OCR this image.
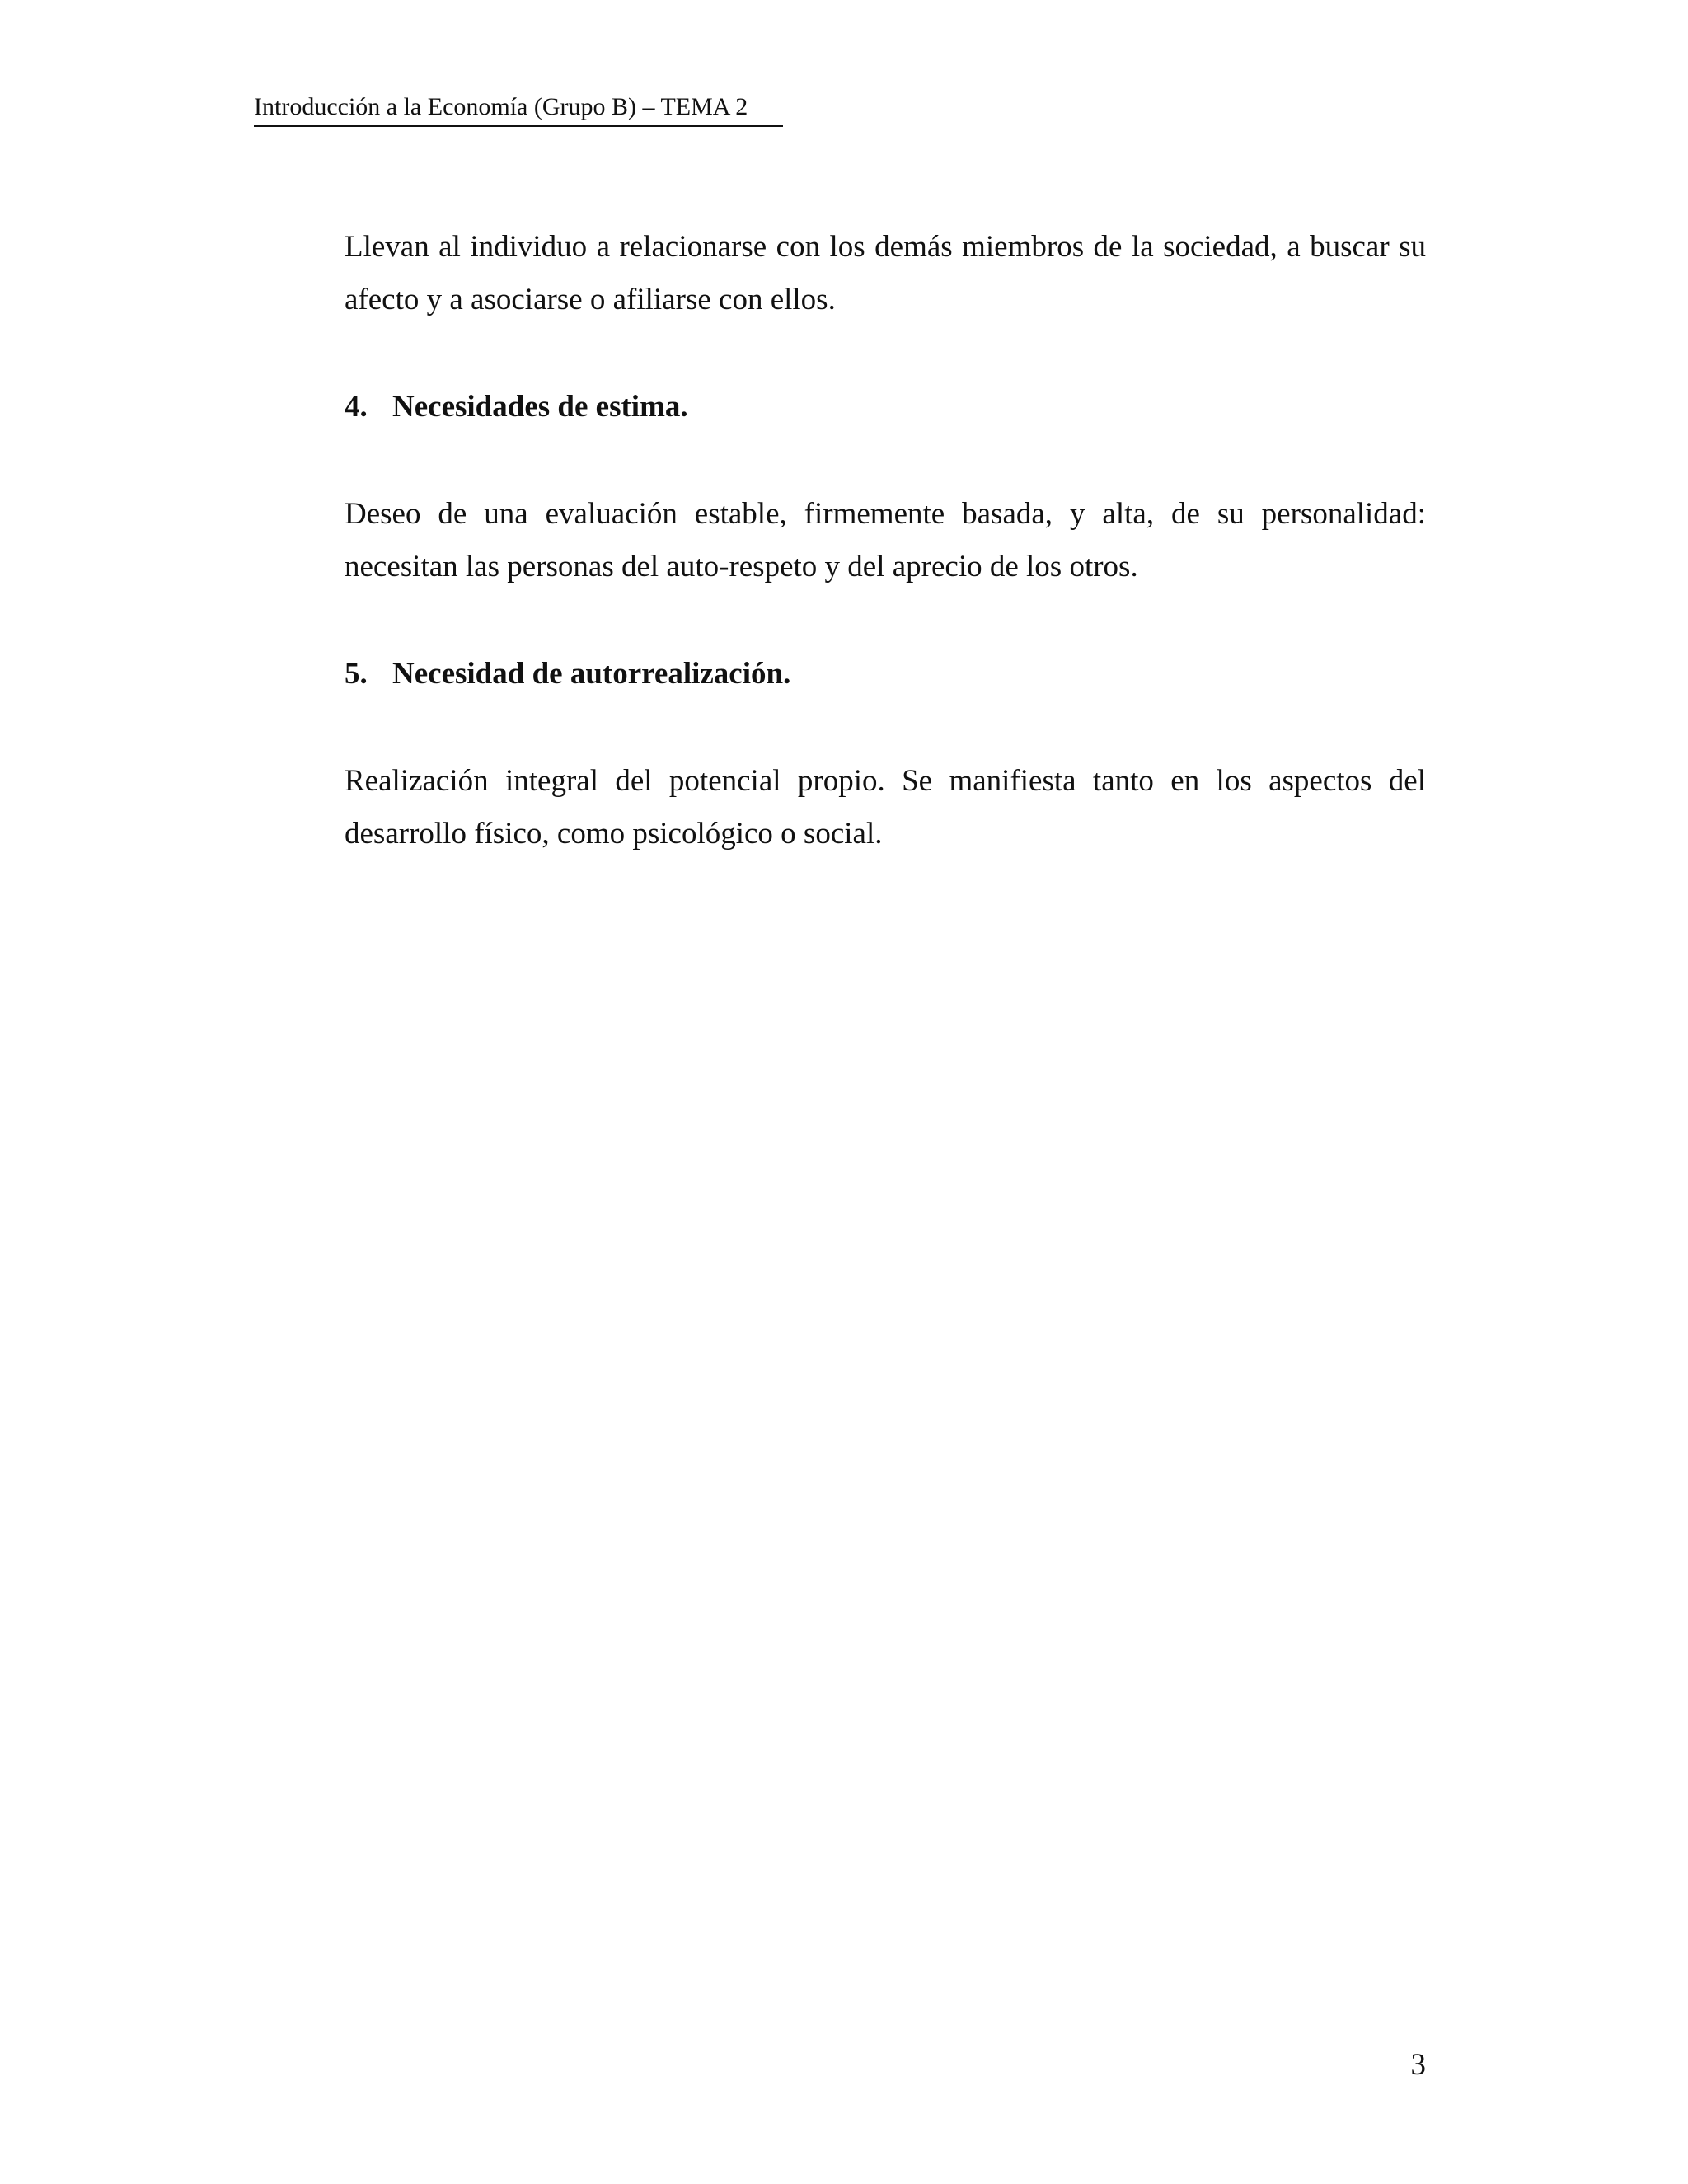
Introducción a la Economía (Grupo B) – TEMA 2

Llevan al individuo a relacionarse con los demás miembros de la sociedad, a buscar su afecto y a asociarse o afiliarse con ellos.

4. Necesidades de estima.

Deseo de una evaluación estable, firmemente basada, y alta, de su personalidad: necesitan las personas del auto-respeto y del aprecio de los otros.

5. Necesidad de autorrealización.

Realización integral del potencial propio. Se manifiesta tanto en los aspectos del desarrollo físico, como psicológico o social.

3
